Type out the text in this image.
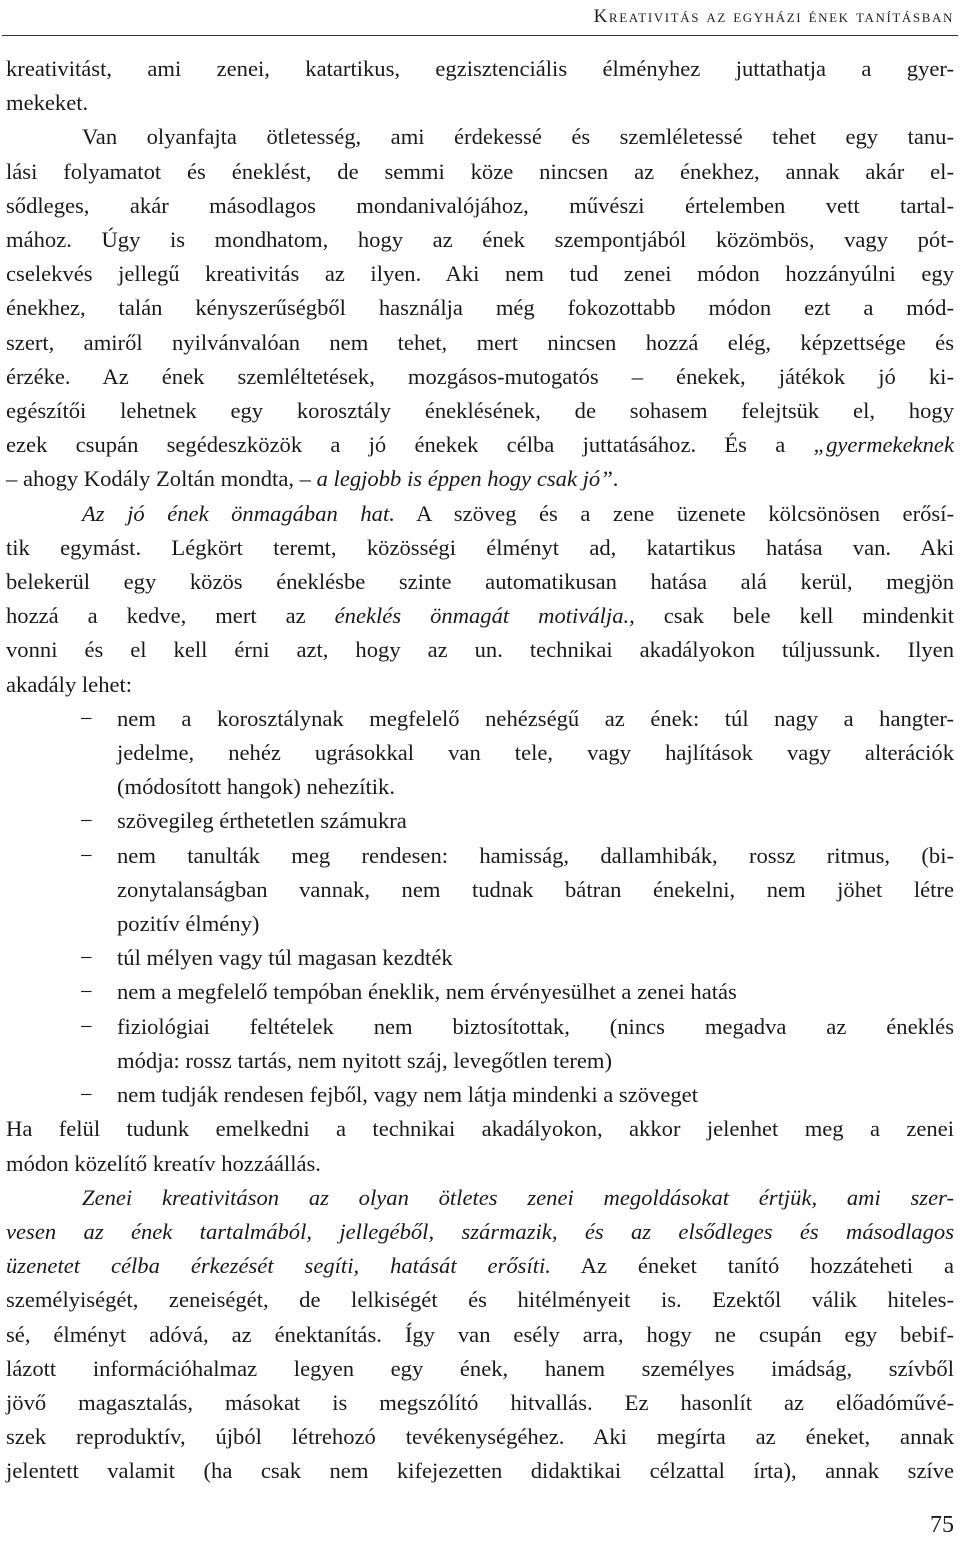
Kreativitás az egyházi ének tanításban
kreativitást, ami zenei, katartikus, egzisztenciális élményhez juttathatja a gyer-
mekeket.
Van olyanfajta ötletesség, ami érdekessé és szemléletessé tehet egy tanu-
lási folyamatot és éneklést, de semmi köze nincsen az énekhez, annak akár el-
sődleges, akár másodlagos mondanivalójához, művészi értelemben vett tartal-
mához. Úgy is mondhatom, hogy az ének szempontjából közömbös, vagy pót-
cselekvés jellegű kreativitás az ilyen. Aki nem tud zenei módon hozzányúlni egy
énekhez, talán kényszerűségből használja még fokozottabb módon ezt a mód-
szert, amiről nyilvánvalóan nem tehet, mert nincsen hozzá elég, képzettsége és
érzéke. Az ének szemléltetések, mozgásos-mutogatós – énekek, játékok jó ki-
egészítői lehetnek egy korosztály éneklésének, de sohasem felejtsük el, hogy
ezek csupán segédeszközök a jó énekek célba juttatásához. És a „gyermekeknek
– ahogy Kodály Zoltán mondta, – a legjobb is éppen hogy csak jó”.
Az jó ének önmagában hat. A szöveg és a zene üzenete kölcsönösen erősí-
tik egymást. Légkört teremt, közösségi élményt ad, katartikus hatása van. Aki
belekerül egy közös éneklésbe szinte automatikusan hatása alá kerül, megjön
hozzá a kedve, mert az éneklés önmagát motiválja., csak bele kell mindenkit
vonni és el kell érni azt, hogy az un. technikai akadályokon túljussunk. Ilyen
akadály lehet:
− nem a korosztálynak megfelelő nehézségű az ének: túl nagy a hangter-
jedelme, nehéz ugrásokkal van tele, vagy hajlítások vagy alterációk
(módosított hangok) nehezítik.
− szövegileg érthetetlen számukra
− nem tanulták meg rendesen: hamisság, dallamhibák, rossz ritmus, (bi-
zonytalanságban vannak, nem tudnak bátran énekelni, nem jöhet létre
pozitív élmény)
− túl mélyen vagy túl magasan kezdték
− nem a megfelelő tempóban éneklik, nem érvényesülhet a zenei hatás
− fiziológiai feltételek nem biztosítottak, (nincs megadva az éneklés
módja: rossz tartás, nem nyitott száj, levegőtlen terem)
− nem tudják rendesen fejből, vagy nem látja mindenki a szöveget
Ha felül tudunk emelkedni a technikai akadályokon, akkor jelenhet meg a zenei
módon közelítő kreatív hozzáállás.
Zenei kreativitáson az olyan ötletes zenei megoldásokat értjük, ami szer-
vesen az ének tartalmából, jellegéből, származik, és az elsődleges és másodlagos
üzenetet célba érkezését segíti, hatását erősíti. Az éneket tanító hozzáteheti a
személyiségét, zeneiségét, de lelkiségét és hitélményeit is. Ezektől válik hiteles-
sé, élményt adóvá, az énektanítás. Így van esély arra, hogy ne csupán egy bebif-
lázott információhalmaz legyen egy ének, hanem személyes imádság, szívből
jövő magasztalás, másokat is megszólító hitvallás. Ez hasonlít az előadóművé-
szek reproduktív, újból létrehozó tevékenységéhez. Aki megírta az éneket, annak
jelentett valamit (ha csak nem kifejezetten didaktikai célzattal írta), annak szíve
75
